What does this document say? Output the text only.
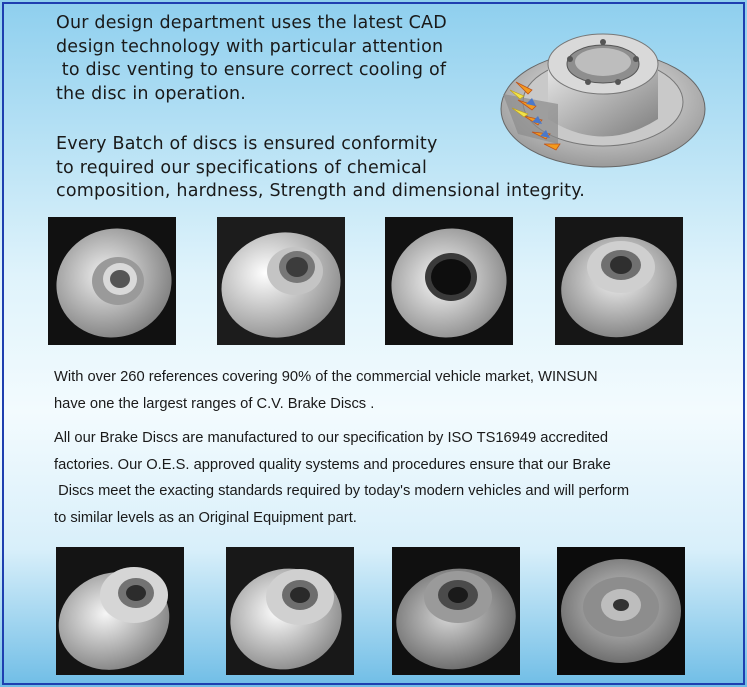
Our design department uses the latest CAD
design technology with particular attention
to disc venting to ensure correct cooling of
the disc in operation.

Every Batch of discs is ensured conformity
to required our specifications of chemical
composition, hardness, Strength and dimensional integrity.

With over 260 references covering 90% of the commercial vehicle market, WINSUN
have one the largest ranges of C.V. Brake Discs .

All our Brake Discs are manufactured to our specification by ISO TS16949 accredited
factories. Our O.E.S. approved quality systems and procedures ensure that our Brake
Discs meet the exacting standards required by today's modern vehicles and will perform
to similar levels as an Original Equipment part.
